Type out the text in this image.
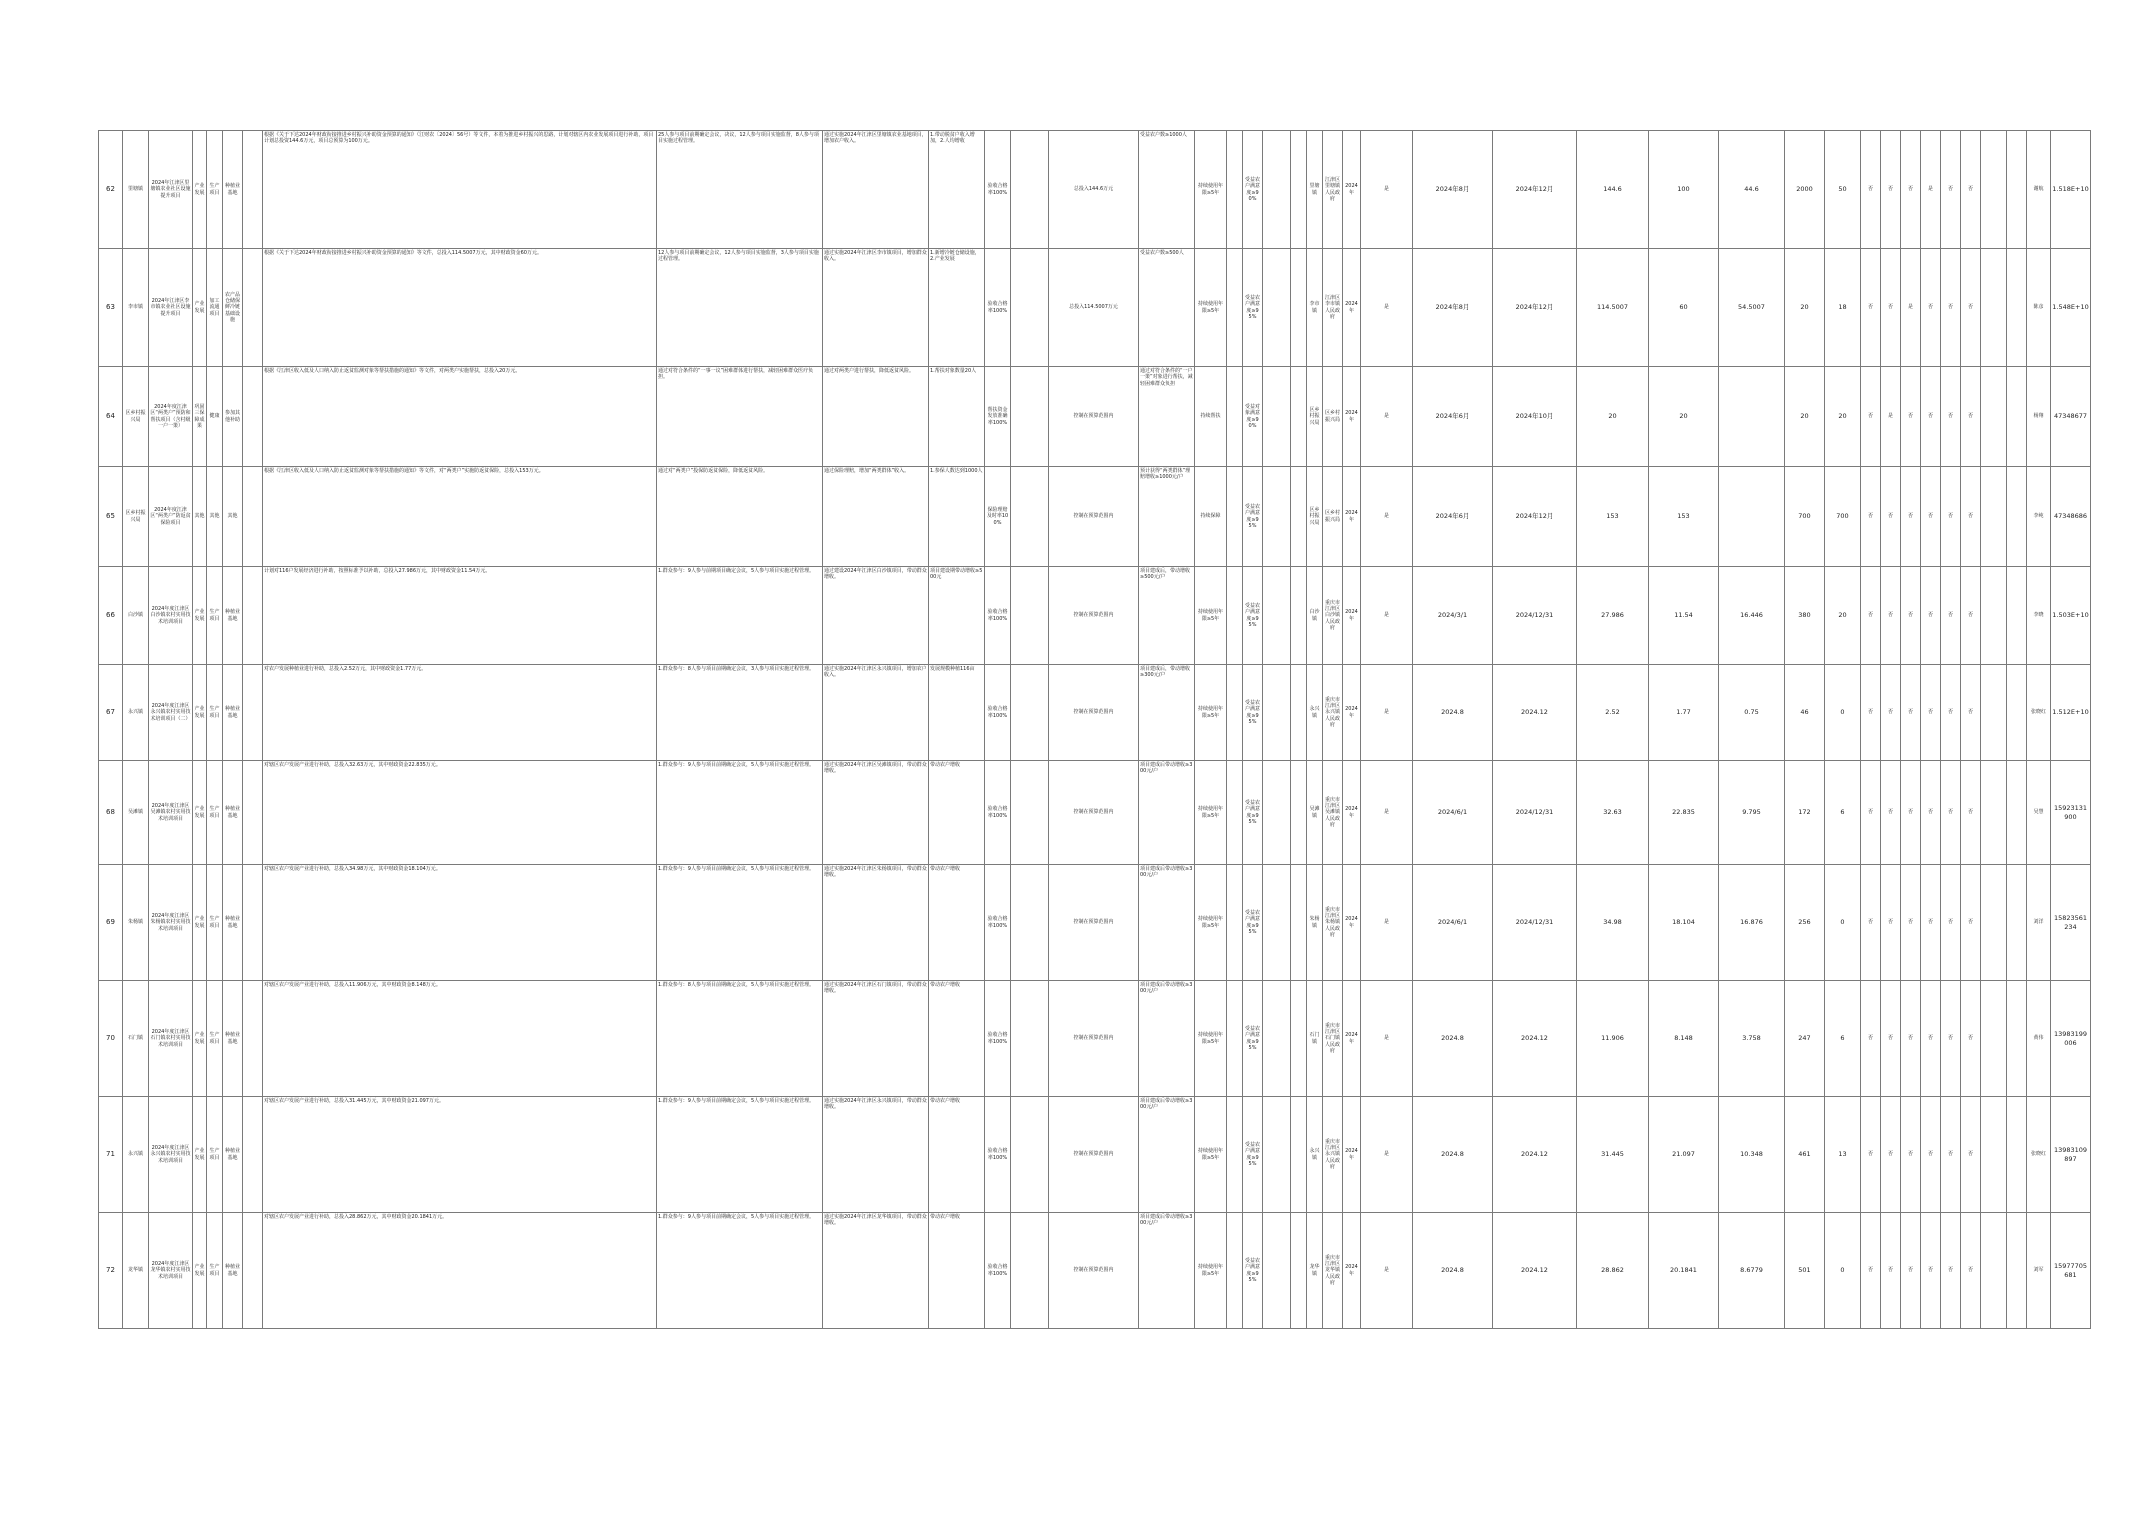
62	里塘镇	2024年江津区里塘镇农业社区设施提升项目	产业发展	生产项目	种植业基地		根据《关于下达2024年财政衔接推进乡村振兴补助资金预算的通知》（江财农〔2024〕56号）等文件，本着为推进乡村振兴的思路，计划对辖区内农业发展项目进行补助，项目计划总投资144.6万元，项目总预算为100万元。	25人参与项目前期确定会议，决议，12人参与项目实施监督，8人参与项目实施过程管理。	通过实施2024年江津区里塘镇农业基地项目，增加农户收入。	1.带动脱贫户收入增加，2.人均增收	验收合格率100%		总投入144.6万元	受益农户数≥1000人	持续使用年限≥5年		受益农户满意度≥90%			里塘镇	江津区里塘镇人民政府	2024年	是	2024年8月	2024年12月	144.6	100	44.6	2000	50	否	否	否	是	否	否			谢航	1.518E+10
63	李市镇	2024年江津区李市镇农业社区设施提升项目	产业发展	加工流通项目	农产品仓储保鲜冷链基础设施		根据《关于下达2024年财政衔接推进乡村振兴补助资金预算的通知》等文件，总投入114.5007万元，其中财政资金60万元。	12人参与项目前期确定会议，12人参与项目实施监督，3人参与项目实施过程管理。	通过实施2024年江津区李市镇项目，增加群众收入。	1.新增冷链仓储设施，2.产业发展	验收合格率100%		总投入114.5007万元	受益农户数≥500人	持续使用年限≥5年		受益农户满意度≥95%			李市镇	江津区李市镇人民政府	2024年	是	2024年8月	2024年12月	114.5007	60	54.5007	20	18	否	否	是	否	否	否			陈彦	1.548E+10
64	区乡村振兴局	2024年度江津区“两类户”预防和帮扶项目（含村级一户一策）	巩固三保障成果	健康	参加其他补助		根据《江津区收入低及人口纳入防止返贫监测对象等帮扶措施的通知》等文件，对两类户实施帮扶，总投入20万元。	通过对符合条件的“一事一议”困难群体进行帮扶，减轻困难群众医疗负担。	通过对两类户进行帮扶，降低返贫风险。	1.帮扶对象数量20人	帮扶资金发放准确率100%		控制在预算范围内	通过对符合条件的“一户一策”对象进行帮扶，减轻困难群众负担	持续帮扶		受益对象满意度≥90%			区乡村振兴局	区乡村振兴局	2024年	是	2024年6月	2024年10月	20	20		20	20	否	是	否	否	否	否			杨翔	47348677
65	区乡村振兴局	2024年度江津区“两类户”防返贫保险项目	其他	其他	其他		根据《江津区收入低及人口纳入防止返贫监测对象等帮扶措施的通知》等文件，对“两类户”实施防返贫保险，总投入153万元。	通过对“两类户”投保防返贫保险，降低返贫风险。	通过保险理赔，增加“两类群体”收入。	1.参保人数达到1000人	保险理赔及时率100%		控制在预算范围内	预计获得“两类群体”理赔增收≥1000元/户	持续保障		受益农户满意度≥95%			区乡村振兴局	区乡村振兴局	2024年	是	2024年6月	2024年12月	153	153		700	700	否	否	否	否	否	否			李纯	47348686
66	白沙镇	2024年度江津区白沙镇农村实用技术培训项目	产业发展	生产项目	种植业基地		计划对116户发展经济进行补助，按照标准予以补助，总投入27.986万元，其中财政资金11.54万元。	1.群众参与：9人参与前期项目确定会议，5人参与项目实施过程管理。	通过建设2024年江津区白沙镇项目，带动群众增收。	项目建设期带动增收≥500元	验收合格率100%		控制在预算范围内	项目建成后，带动增收≥500元/户	持续使用年限≥5年		受益农户满意度≥95%			白沙镇	重庆市江津区白沙镇人民政府	2024年	是	2024/3/1	2024/12/31	27.986	11.54	16.446	380	20	否	否	否	否	否	否			李晓	1.503E+10
67	永兴镇	2024年度江津区永兴镇农村实用技术培训项目（二）	产业发展	生产项目	种植业基地		对农户发展种植业进行补助，总投入2.52万元，其中财政资金1.77万元。	1.群众参与：8人参与项目前期确定会议，3人参与项目实施过程管理。	通过实施2024年江津区永兴镇项目，增加农户收入。	发展规模种植116亩	验收合格率100%		控制在预算范围内	项目建成后，带动增收≥300元/户	持续使用年限≥5年		受益农户满意度≥95%			永兴镇	重庆市江津区永兴镇人民政府	2024年	是	2024.8	2024.12	2.52	1.77	0.75	46	0	否	否	否	否	否	否			张晓红	1.512E+10
68	吴滩镇	2024年度江津区吴滩镇农村实用技术培训项目	产业发展	生产项目	种植业基地		对辖区农户发展产业进行补助，总投入32.63万元，其中财政资金22.835万元。	1.群众参与：9人参与项目前期确定会议，5人参与项目实施过程管理。	通过实施2024年江津区吴滩镇项目，带动群众增收。	带动农户增收	验收合格率100%		控制在预算范围内	项目建成后带动增收≥300元/户	持续使用年限≥5年		受益农户满意度≥95%			吴滩镇	重庆市江津区吴滩镇人民政府	2024年	是	2024/6/1	2024/12/31	32.63	22.835	9.795	172	6	否	否	否	否	否	否			吴慧	15923131900
69	朱杨镇	2024年度江津区朱杨镇农村实用技术培训项目	产业发展	生产项目	种植业基地		对辖区农户发展产业进行补助，总投入34.98万元，其中财政资金18.104万元。	1.群众参与：9人参与项目前期确定会议，5人参与项目实施过程管理。	通过实施2024年江津区朱杨镇项目，带动群众增收。	带动农户增收	验收合格率100%		控制在预算范围内	项目建成后带动增收≥300元/户	持续使用年限≥5年		受益农户满意度≥95%			朱杨镇	重庆市江津区朱杨镇人民政府	2024年	是	2024/6/1	2024/12/31	34.98	18.104	16.876	256	0	否	否	否	否	否	否			刘洋	15823561234
70	石门镇	2024年度江津区石门镇农村实用技术培训项目	产业发展	生产项目	种植业基地		对辖区农户发展产业进行补助，总投入11.906万元，其中财政资金8.148万元。	1.群众参与：8人参与项目前期确定会议，5人参与项目实施过程管理。	通过实施2024年江津区石门镇项目，带动群众增收。	带动农户增收	验收合格率100%		控制在预算范围内	项目建成后带动增收≥300元/户	持续使用年限≥5年		受益农户满意度≥95%			石门镇	重庆市江津区石门镇人民政府	2024年	是	2024.8	2024.12	11.906	8.148	3.758	247	6	否	否	否	否	否	否			黄伟	13983199006
71	永兴镇	2024年度江津区永兴镇农村实用技术培训项目	产业发展	生产项目	种植业基地		对辖区农户发展产业进行补助，总投入31.445万元，其中财政资金21.097万元。	1.群众参与：9人参与项目前期确定会议，5人参与项目实施过程管理。	通过实施2024年江津区永兴镇项目，带动群众增收。	带动农户增收	验收合格率100%		控制在预算范围内	项目建成后带动增收≥300元/户	持续使用年限≥5年		受益农户满意度≥95%			永兴镇	重庆市江津区永兴镇人民政府	2024年	是	2024.8	2024.12	31.445	21.097	10.348	461	13	否	否	否	否	否	否			张晓红	13983109897
72	龙华镇	2024年度江津区龙华镇农村实用技术培训项目	产业发展	生产项目	种植业基地		对辖区农户发展产业进行补助，总投入28.862万元，其中财政资金20.1841万元。	1.群众参与：9人参与项目前期确定会议，5人参与项目实施过程管理。	通过实施2024年江津区龙华镇项目，带动群众增收。	带动农户增收	验收合格率100%		控制在预算范围内	项目建成后带动增收≥300元/户	持续使用年限≥5年		受益农户满意度≥95%			龙华镇	重庆市江津区龙华镇人民政府	2024年	是	2024.8	2024.12	28.862	20.1841	8.6779	501	0	否	否	否	否	否	否			刘军	15977705681
